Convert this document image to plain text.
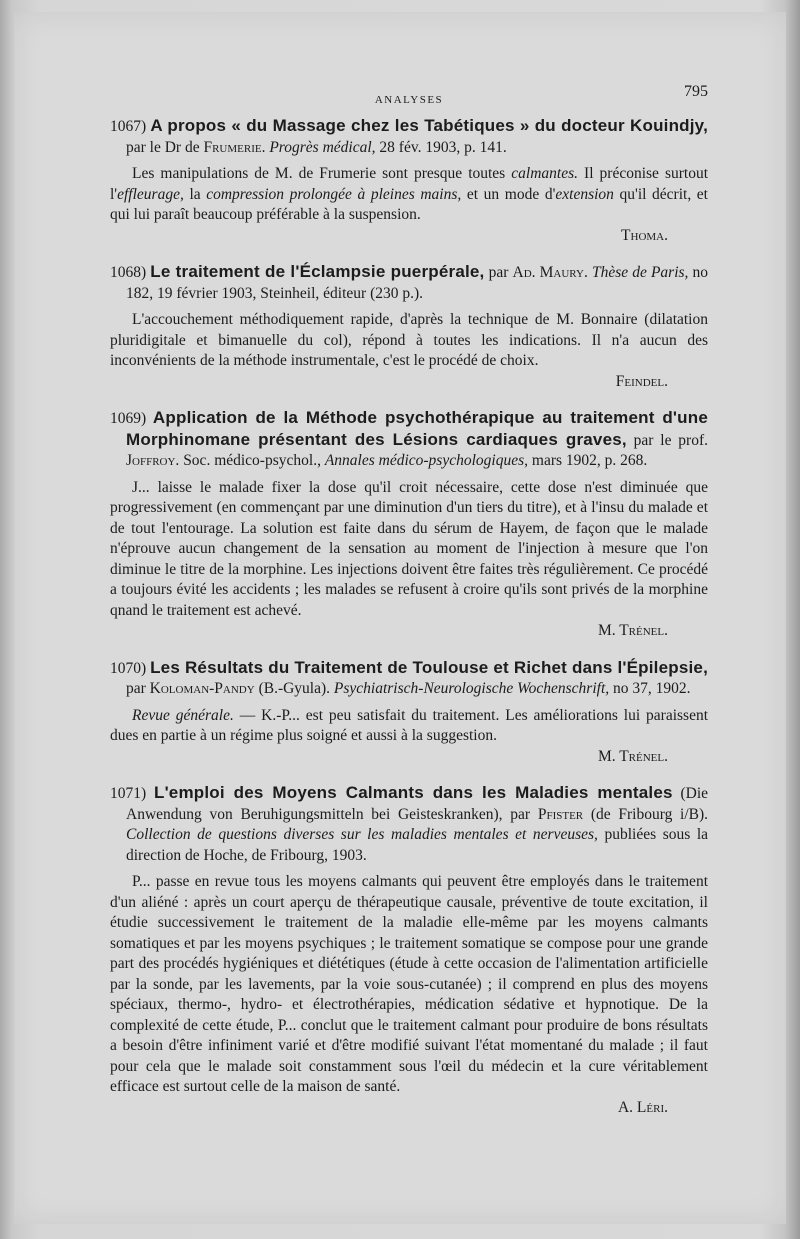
ANALYSES	795
1067) A propos « du Massage chez les Tabétiques » du docteur Kouindjy, par le Dr de Frumerie. Progrès médical, 28 fév. 1903, p. 141.
Les manipulations de M. de Frumerie sont presque toutes calmantes. Il préconise surtout l'effleurage, la compression prolongée à pleines mains, et un mode d'extension qu'il décrit, et qui lui paraît beaucoup préférable à la suspension.
Thoma.
1068) Le traitement de l'Éclampsie puerpérale, par Ad. Maury. Thèse de Paris, no 182, 19 février 1903, Steinheil, éditeur (230 p.).
L'accouchement méthodiquement rapide, d'après la technique de M. Bonnaire (dilatation pluridigitale et bimanuelle du col), répond à toutes les indications. Il n'a aucun des inconvénients de la méthode instrumentale, c'est le procédé de choix.
Feindel.
1069) Application de la Méthode psychothérapique au traitement d'une Morphinomane présentant des Lésions cardiaques graves, par le prof. Joffroy. Soc. médico-psychol., Annales médico-psychologiques, mars 1902, p. 268.
J... laisse le malade fixer la dose qu'il croit nécessaire, cette dose n'est diminuée que progressivement (en commençant par une diminution d'un tiers du titre), et à l'insu du malade et de tout l'entourage. La solution est faite dans du sérum de Hayem, de façon que le malade n'éprouve aucun changement de la sensation au moment de l'injection à mesure que l'on diminue le titre de la morphine. Les injections doivent être faites très régulièrement. Ce procédé a toujours évité les accidents ; les malades se refusent à croire qu'ils sont privés de la morphine qnand le traitement est achevé.
M. Trénel.
1070) Les Résultats du Traitement de Toulouse et Richet dans l'Épilepsie, par Koloman-Pandy (B.-Gyula). Psychiatrisch-Neurologische Wochenschrift, no 37, 1902.
Revue générale. — K.-P... est peu satisfait du traitement. Les améliorations lui paraissent dues en partie à un régime plus soigné et aussi à la suggestion.
M. Trénel.
1071) L'emploi des Moyens Calmants dans les Maladies mentales (Die Anwendung von Beruhigungsmitteln bei Geisteskranken), par Pfister (de Fribourg i/B). Collection de questions diverses sur les maladies mentales et nerveuses, publiées sous la direction de Hoche, de Fribourg, 1903.
P... passe en revue tous les moyens calmants qui peuvent être employés dans le traitement d'un aliéné : après un court aperçu de thérapeutique causale, préventive de toute excitation, il étudie successivement le traitement de la maladie elle-même par les moyens calmants somatiques et par les moyens psychiques ; le traitement somatique se compose pour une grande part des procédés hygiéniques et diététiques (étude à cette occasion de l'alimentation artificielle par la sonde, par les lavements, par la voie sous-cutanée) ; il comprend en plus des moyens spéciaux, thermo-, hydro- et électrothérapies, médication sédative et hypnotique. De la complexité de cette étude, P... conclut que le traitement calmant pour produire de bons résultats a besoin d'être infiniment varié et d'être modifié suivant l'état momentané du malade ; il faut pour cela que le malade soit constamment sous l'œil du médecin et la cure véritablement efficace est surtout celle de la maison de santé.
A. Léri.
